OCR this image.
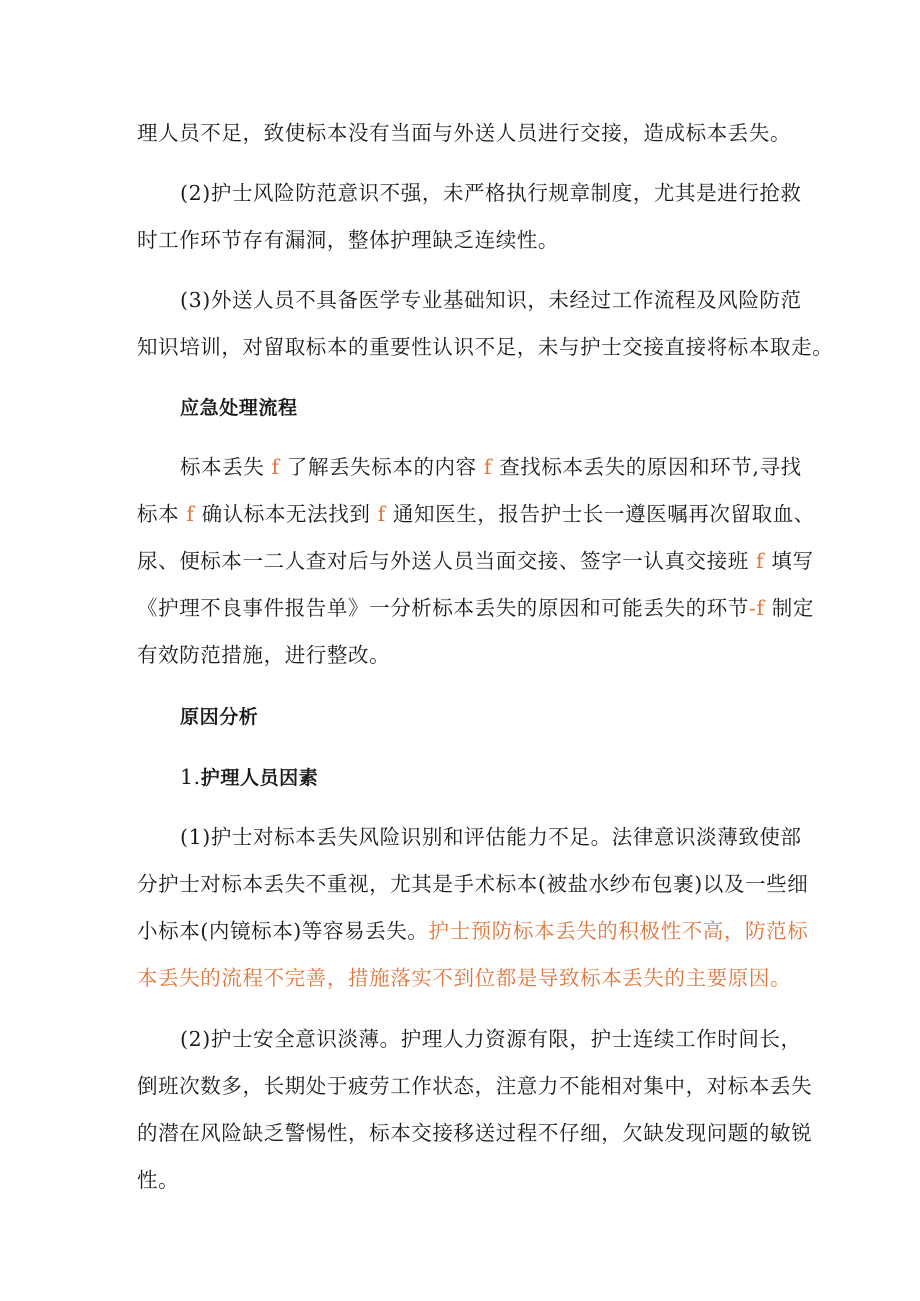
理人员不足，致使标本没有当面与外送人员进行交接，造成标本丢失。
(2)护士风险防范意识不强，未严格执行规章制度，尤其是进行抢救
时工作环节存有漏洞，整体护理缺乏连续性。
(3)外送人员不具备医学专业基础知识，未经过工作流程及风险防范
知识培训，对留取标本的重要性认识不足，未与护士交接直接将标本取走。
应急处理流程
标本丢失 f 了解丢失标本的内容 f 查找标本丢失的原因和环节,寻找
标本 f 确认标本无法找到 f 通知医生，报告护士长一遵医嘱再次留取血、
尿、便标本一二人查对后与外送人员当面交接、签字一认真交接班 f 填写
《护理不良事件报告单》一分析标本丢失的原因和可能丢失的环节-f 制定
有效防范措施，进行整改。
原因分析
1.护理人员因素
(1)护士对标本丢失风险识别和评估能力不足。法律意识淡薄致使部
分护士对标本丢失不重视，尤其是手术标本(被盐水纱布包裹)以及一些细
小标本(内镜标本)等容易丢失。护士预防标本丢失的积极性不高，防范标
本丢失的流程不完善，措施落实不到位都是导致标本丢失的主要原因。
(2)护士安全意识淡薄。护理人力资源有限，护士连续工作时间长，
倒班次数多，长期处于疲劳工作状态，注意力不能相对集中，对标本丢失
的潜在风险缺乏警惕性，标本交接移送过程不仔细，欠缺发现问题的敏锐
性。
